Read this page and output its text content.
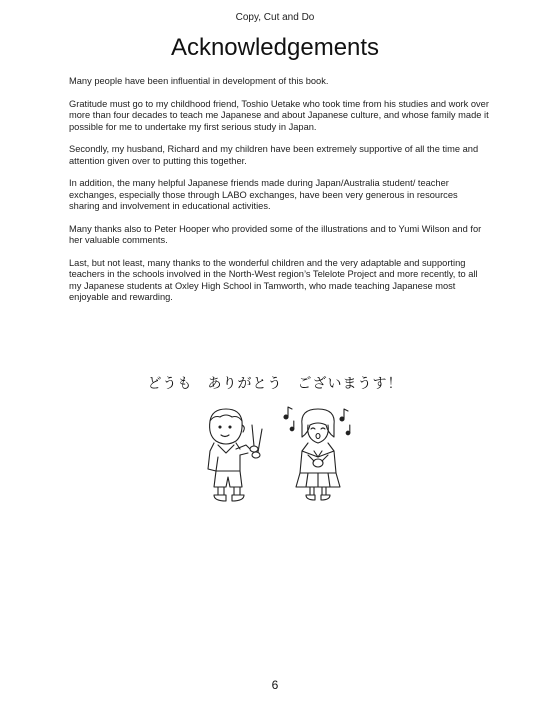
Copy, Cut and Do
Acknowledgements

Many people have been influential in development of this book.

Gratitude must go to my childhood friend, Toshio Uetake who took time from his studies and work over more than four decades to teach me Japanese and about Japanese culture, and whose family made it possible for me to undertake my first serious study in Japan.

Secondly, my husband, Richard and my children have been extremely supportive of all the time and attention given over to putting this together.

In addition, the many helpful Japanese friends made during Japan/Australia student/ teacher exchanges, especially those through LABO exchanges, have been very generous in resources sharing and involvement in educational activities.

Many thanks also to Peter Hooper who provided some of the illustrations and to Yumi Wilson and for her valuable comments.

Last, but not least, many thanks to the wonderful children and the very adaptable and supporting teachers in the schools involved in the North-West region’s Telelote Project and more recently, to all my Japanese students at Oxley High School in Tamworth, who made teaching Japanese most enjoyable and rewarding.

どうも　ありがとう　ございまうす！
6
